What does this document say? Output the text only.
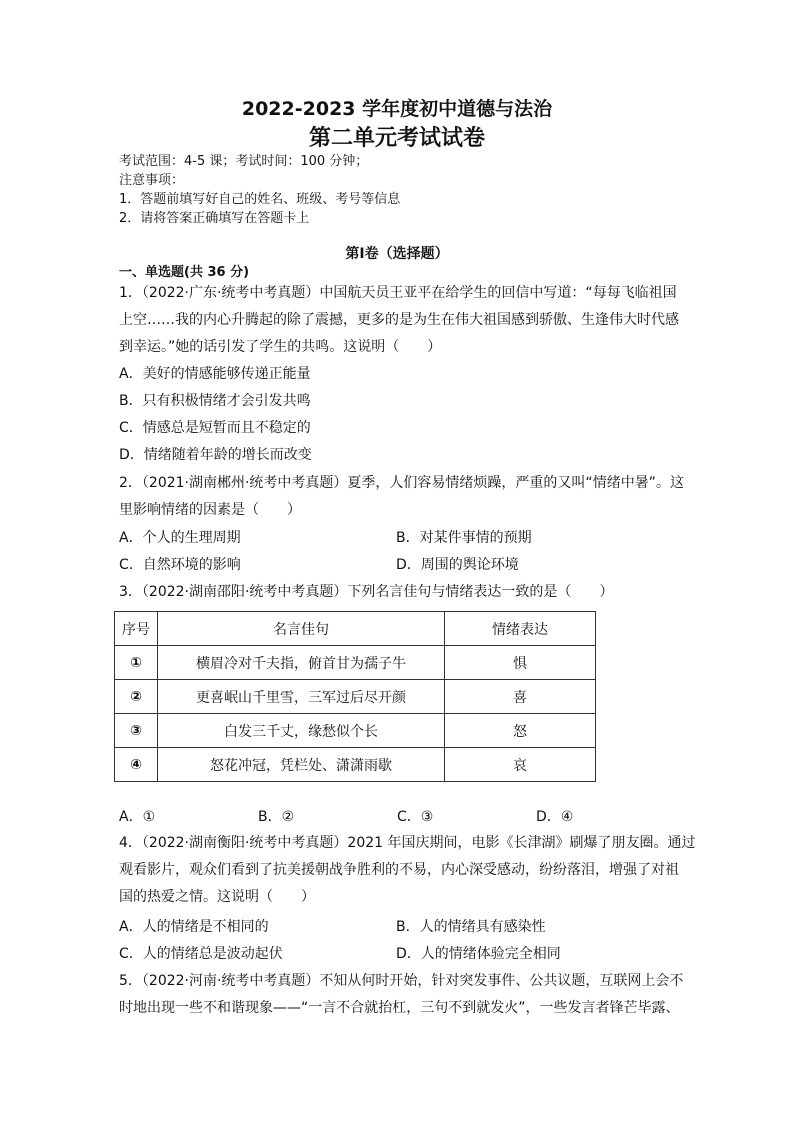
2022-2023 学年度初中道德与法治
第二单元考试试卷
考试范围：4-5 课；考试时间：100 分钟；
注意事项：
1．答题前填写好自己的姓名、班级、考号等信息
2．请将答案正确填写在答题卡上
第Ⅰ卷（选择题）
一、单选题(共 36 分)
1．（2022·广东·统考中考真题）中国航天员王亚平在给学生的回信中写道：“每每飞临祖国
上空……我的内心升腾起的除了震撼，更多的是为生在伟大祖国感到骄傲、生逢伟大时代感
到幸运。”她的话引发了学生的共鸣。这说明（　　）
A．美好的情感能够传递正能量
B．只有积极情绪才会引发共鸣
C．情感总是短暂而且不稳定的
D．情绪随着年龄的增长而改变
2．（2021·湖南郴州·统考中考真题）夏季，人们容易情绪烦躁，严重的又叫“情绪中暑”。这
里影响情绪的因素是（　　）
A．个人的生理周期	B．对某件事情的预期
C．自然环境的影响	D．周围的舆论环境
3．（2022·湖南邵阳·统考中考真题）下列名言佳句与情绪表达一致的是（　　）
序号	名言佳句	情绪表达
①	横眉冷对千夫指，俯首甘为孺子牛	惧
②	更喜岷山千里雪，三军过后尽开颜	喜
③	白发三千丈，缘愁似个长	怒
④	怒花冲冠，凭栏处、潇潇雨歇	哀
A．①	B．②	C．③	D．④
4．（2022·湖南衡阳·统考中考真题）2021 年国庆期间，电影《长津湖》刷爆了朋友圈。通过
观看影片，观众们看到了抗美援朝战争胜利的不易，内心深受感动，纷纷落泪，增强了对祖
国的热爱之情。这说明（　　）
A．人的情绪是不相同的	B．人的情绪具有感染性
C．人的情绪总是波动起伏	D．人的情绪体验完全相同
5．（2022·河南·统考中考真题）不知从何时开始，针对突发事件、公共议题，互联网上会不
时地出现一些不和谐现象——“一言不合就抬杠，三句不到就发火”，一些发言者锋芒毕露、
